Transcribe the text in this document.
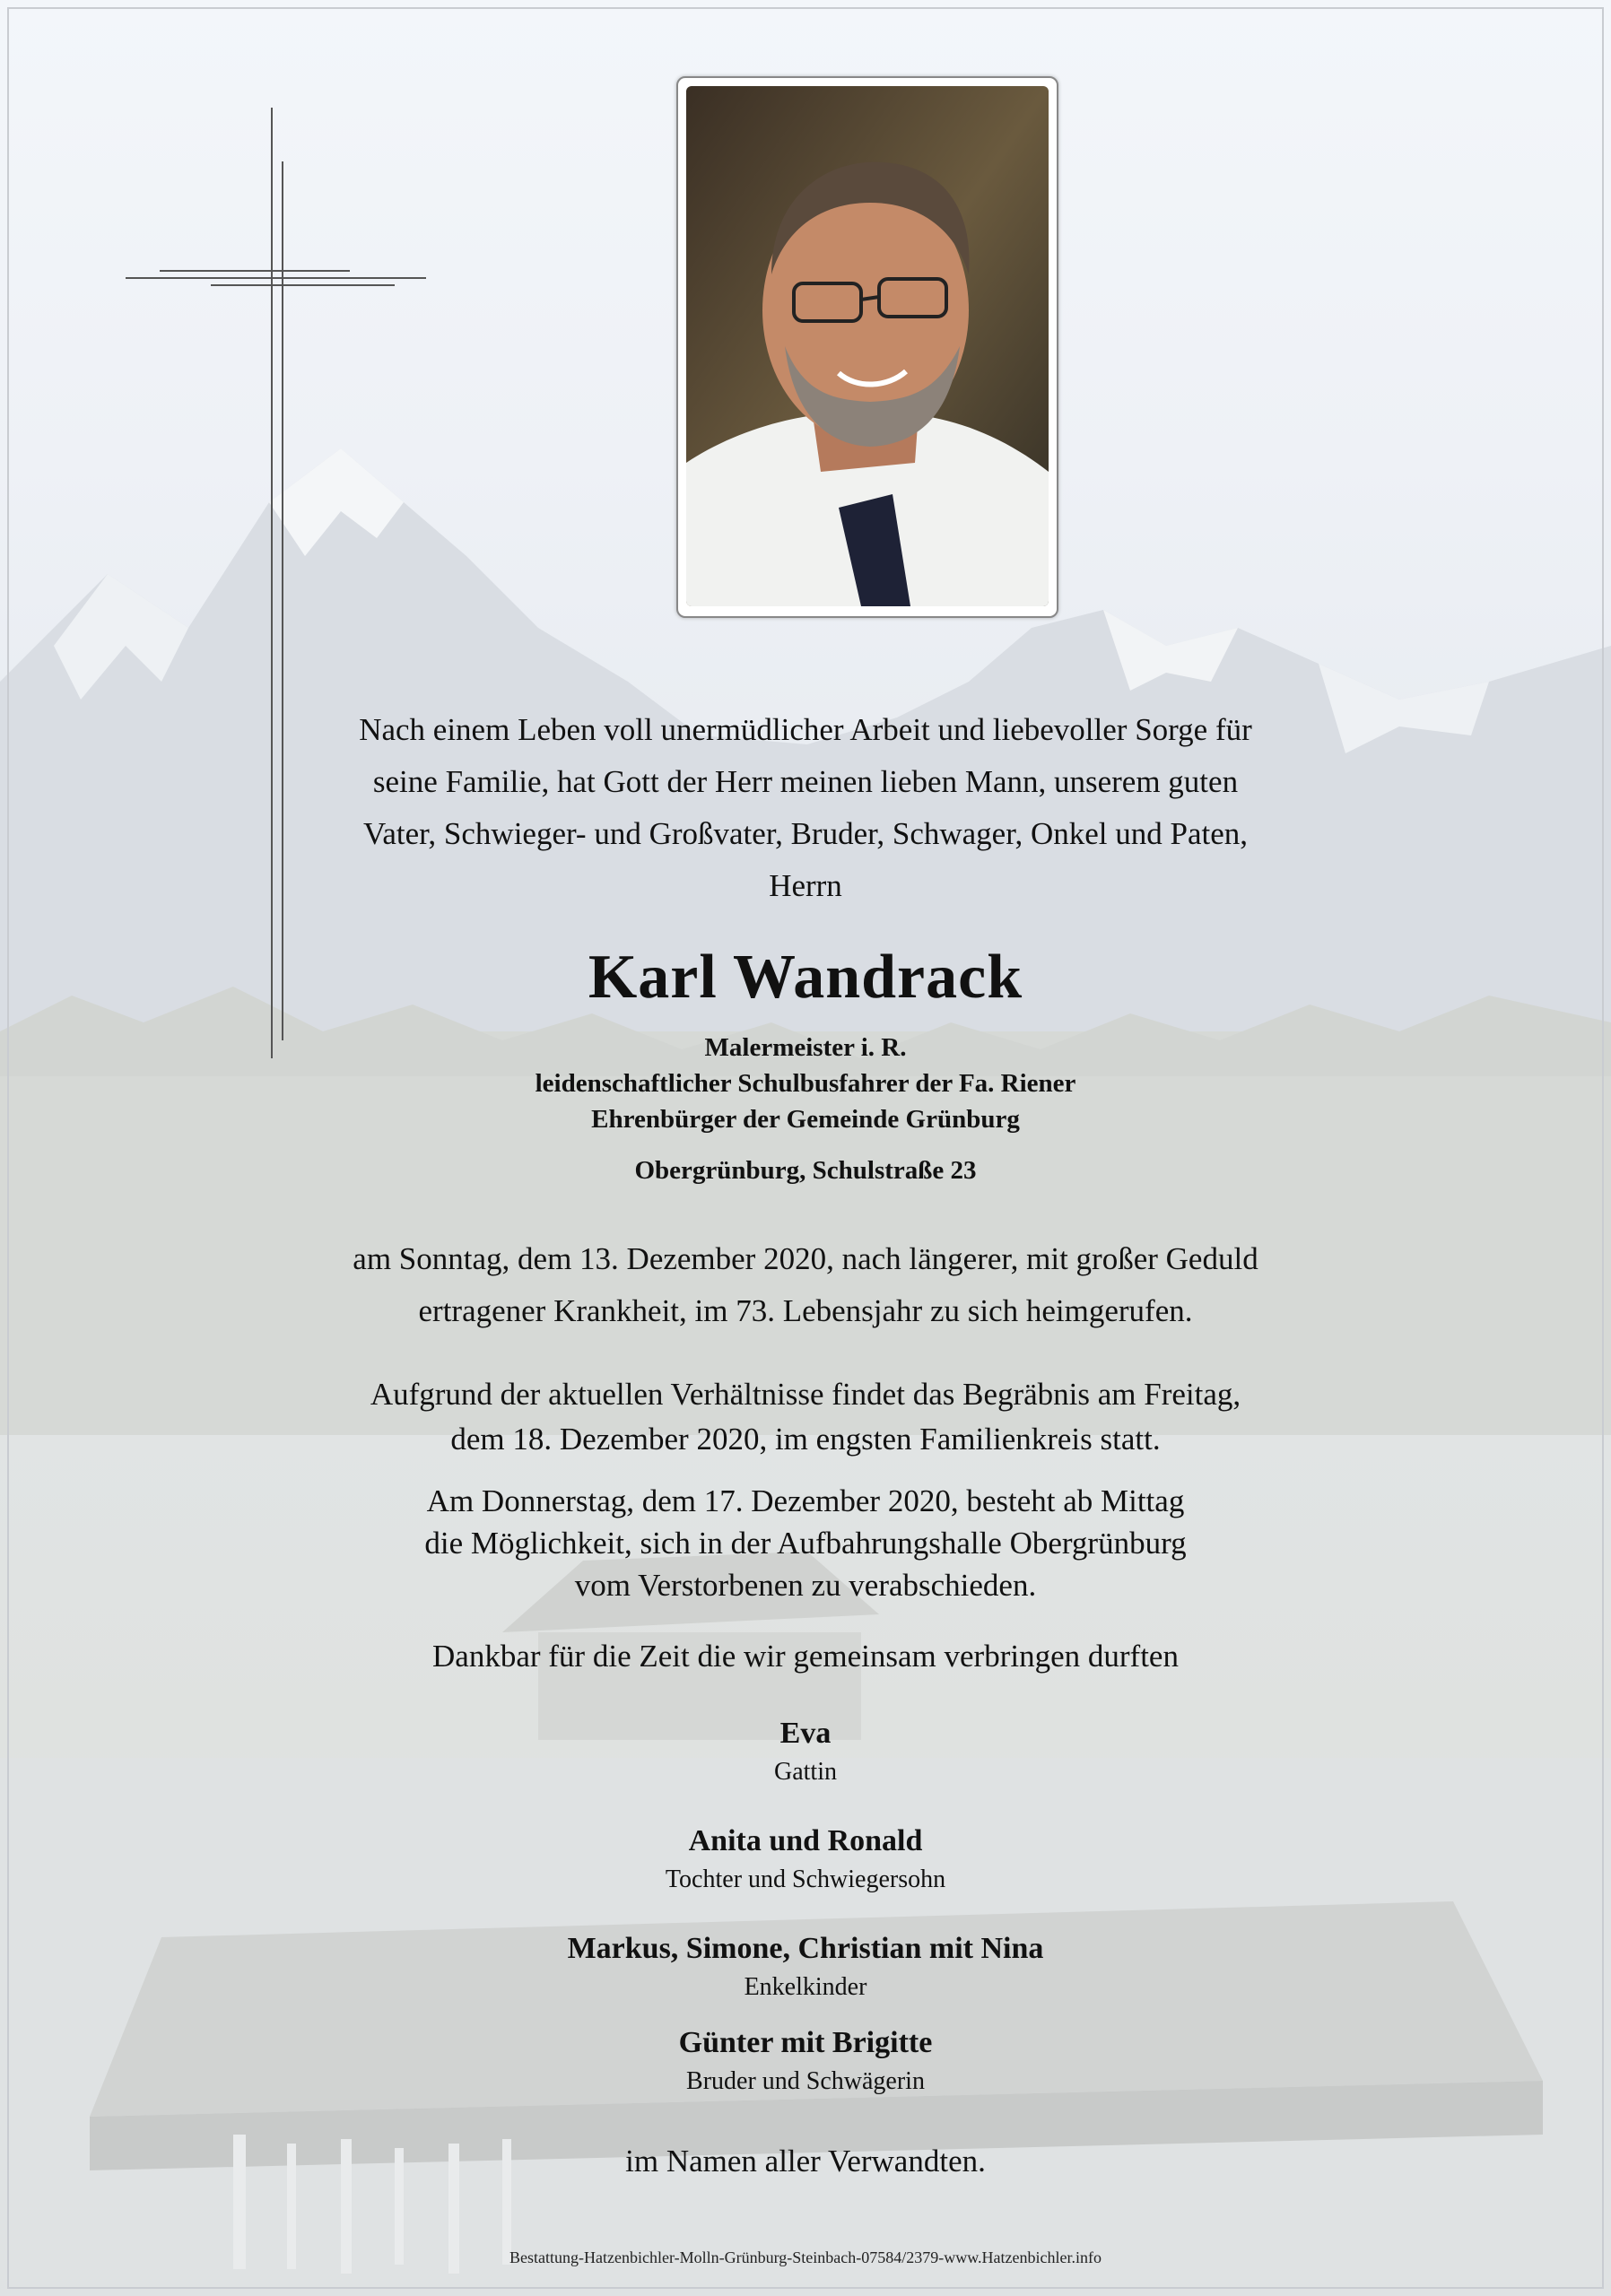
Nach einem Leben voll unermüdlicher Arbeit und liebevoller Sorge für

seine Familie, hat Gott der Herr meinen lieben Mann, unserem guten

Vater, Schwieger- und Großvater, Bruder, Schwager, Onkel und Paten,

Herrn

Karl Wandrack

Malermeister i. R.

leidenschaftlicher Schulbusfahrer der Fa. Riener

Ehrenbürger der Gemeinde Grünburg

Obergrünburg, Schulstraße 23

am Sonntag, dem 13. Dezember 2020, nach längerer, mit großer Geduld

ertragener Krankheit, im 73. Lebensjahr zu sich heimgerufen.

Aufgrund der aktuellen Verhältnisse findet das Begräbnis am Freitag,

dem 18. Dezember 2020, im engsten Familienkreis statt.

Am Donnerstag, dem 17. Dezember 2020, besteht ab Mittag

die Möglichkeit, sich in der Aufbahrungshalle Obergrünburg

vom Verstorbenen zu verabschieden.

Dankbar für die Zeit die wir gemeinsam verbringen durften
Eva
Gattin
Anita und Ronald
Tochter und Schwiegersohn
Markus, Simone, Christian mit Nina
Enkelkinder
Günter mit Brigitte
Bruder und Schwägerin
im Namen aller Verwandten.
Bestattung-Hatzenbichler-Molln-Grünburg-Steinbach-07584/2379-www.Hatzenbichler.info
